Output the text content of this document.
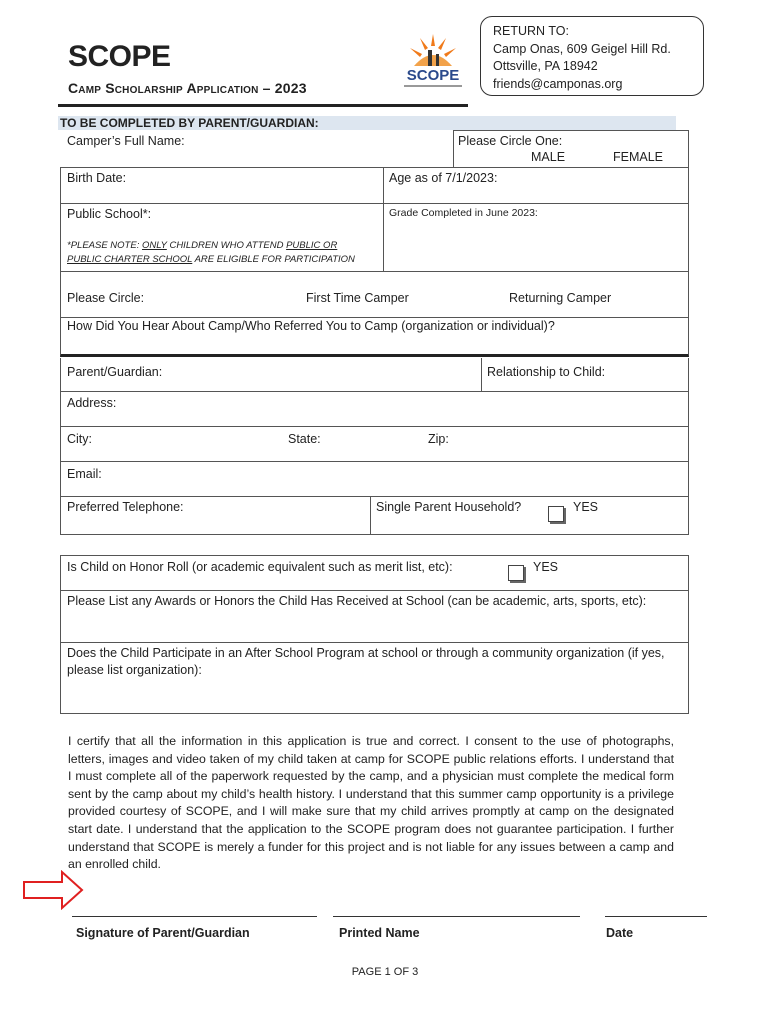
SCOPE
Camp Scholarship Application – 2023
SCOPE
RETURN TO:
Camp Onas, 609 Geigel Hill Rd.
Ottsville, PA 18942
friends@camponas.org
TO BE COMPLETED BY PARENT/GUARDIAN:
Camper’s Full Name:	Please Circle One:
MALE	FEMALE
Birth Date:	Age as of 7/1/2023:
Public School*:	Grade Completed in June 2023:
*PLEASE NOTE: ONLY CHILDREN WHO ATTEND PUBLIC OR
PUBLIC CHARTER SCHOOL ARE ELIGIBLE FOR PARTICIPATION
Please Circle:	First Time Camper	Returning Camper
How Did You Hear About Camp/Who Referred You to Camp (organization or individual)?
Parent/Guardian:	Relationship to Child:
Address:
City:	State:	Zip:
Email:
Preferred Telephone:	Single Parent Household?	YES
Is Child on Honor Roll (or academic equivalent such as merit list, etc):	YES
Please List any Awards or Honors the Child Has Received at School (can be academic, arts, sports, etc):
Does the Child Participate in an After School Program at school or through a community organization (if yes,
please list organization):
I certify that all the information in this application is true and correct. I consent to the use of photographs, letters, images and video taken of my child taken at camp for SCOPE public relations efforts. I understand that I must complete all of the paperwork requested by the camp, and a physician must complete the medical form sent by the camp about my child’s health history. I understand that this summer camp opportunity is a privilege provided courtesy of SCOPE, and I will make sure that my child arrives promptly at camp on the designated start date. I understand that the application to the SCOPE program does not guarantee participation. I further understand that SCOPE is merely a funder for this project and is not liable for any issues between a camp and an enrolled child.
Signature of Parent/Guardian	Printed Name	Date
PAGE 1 OF 3
